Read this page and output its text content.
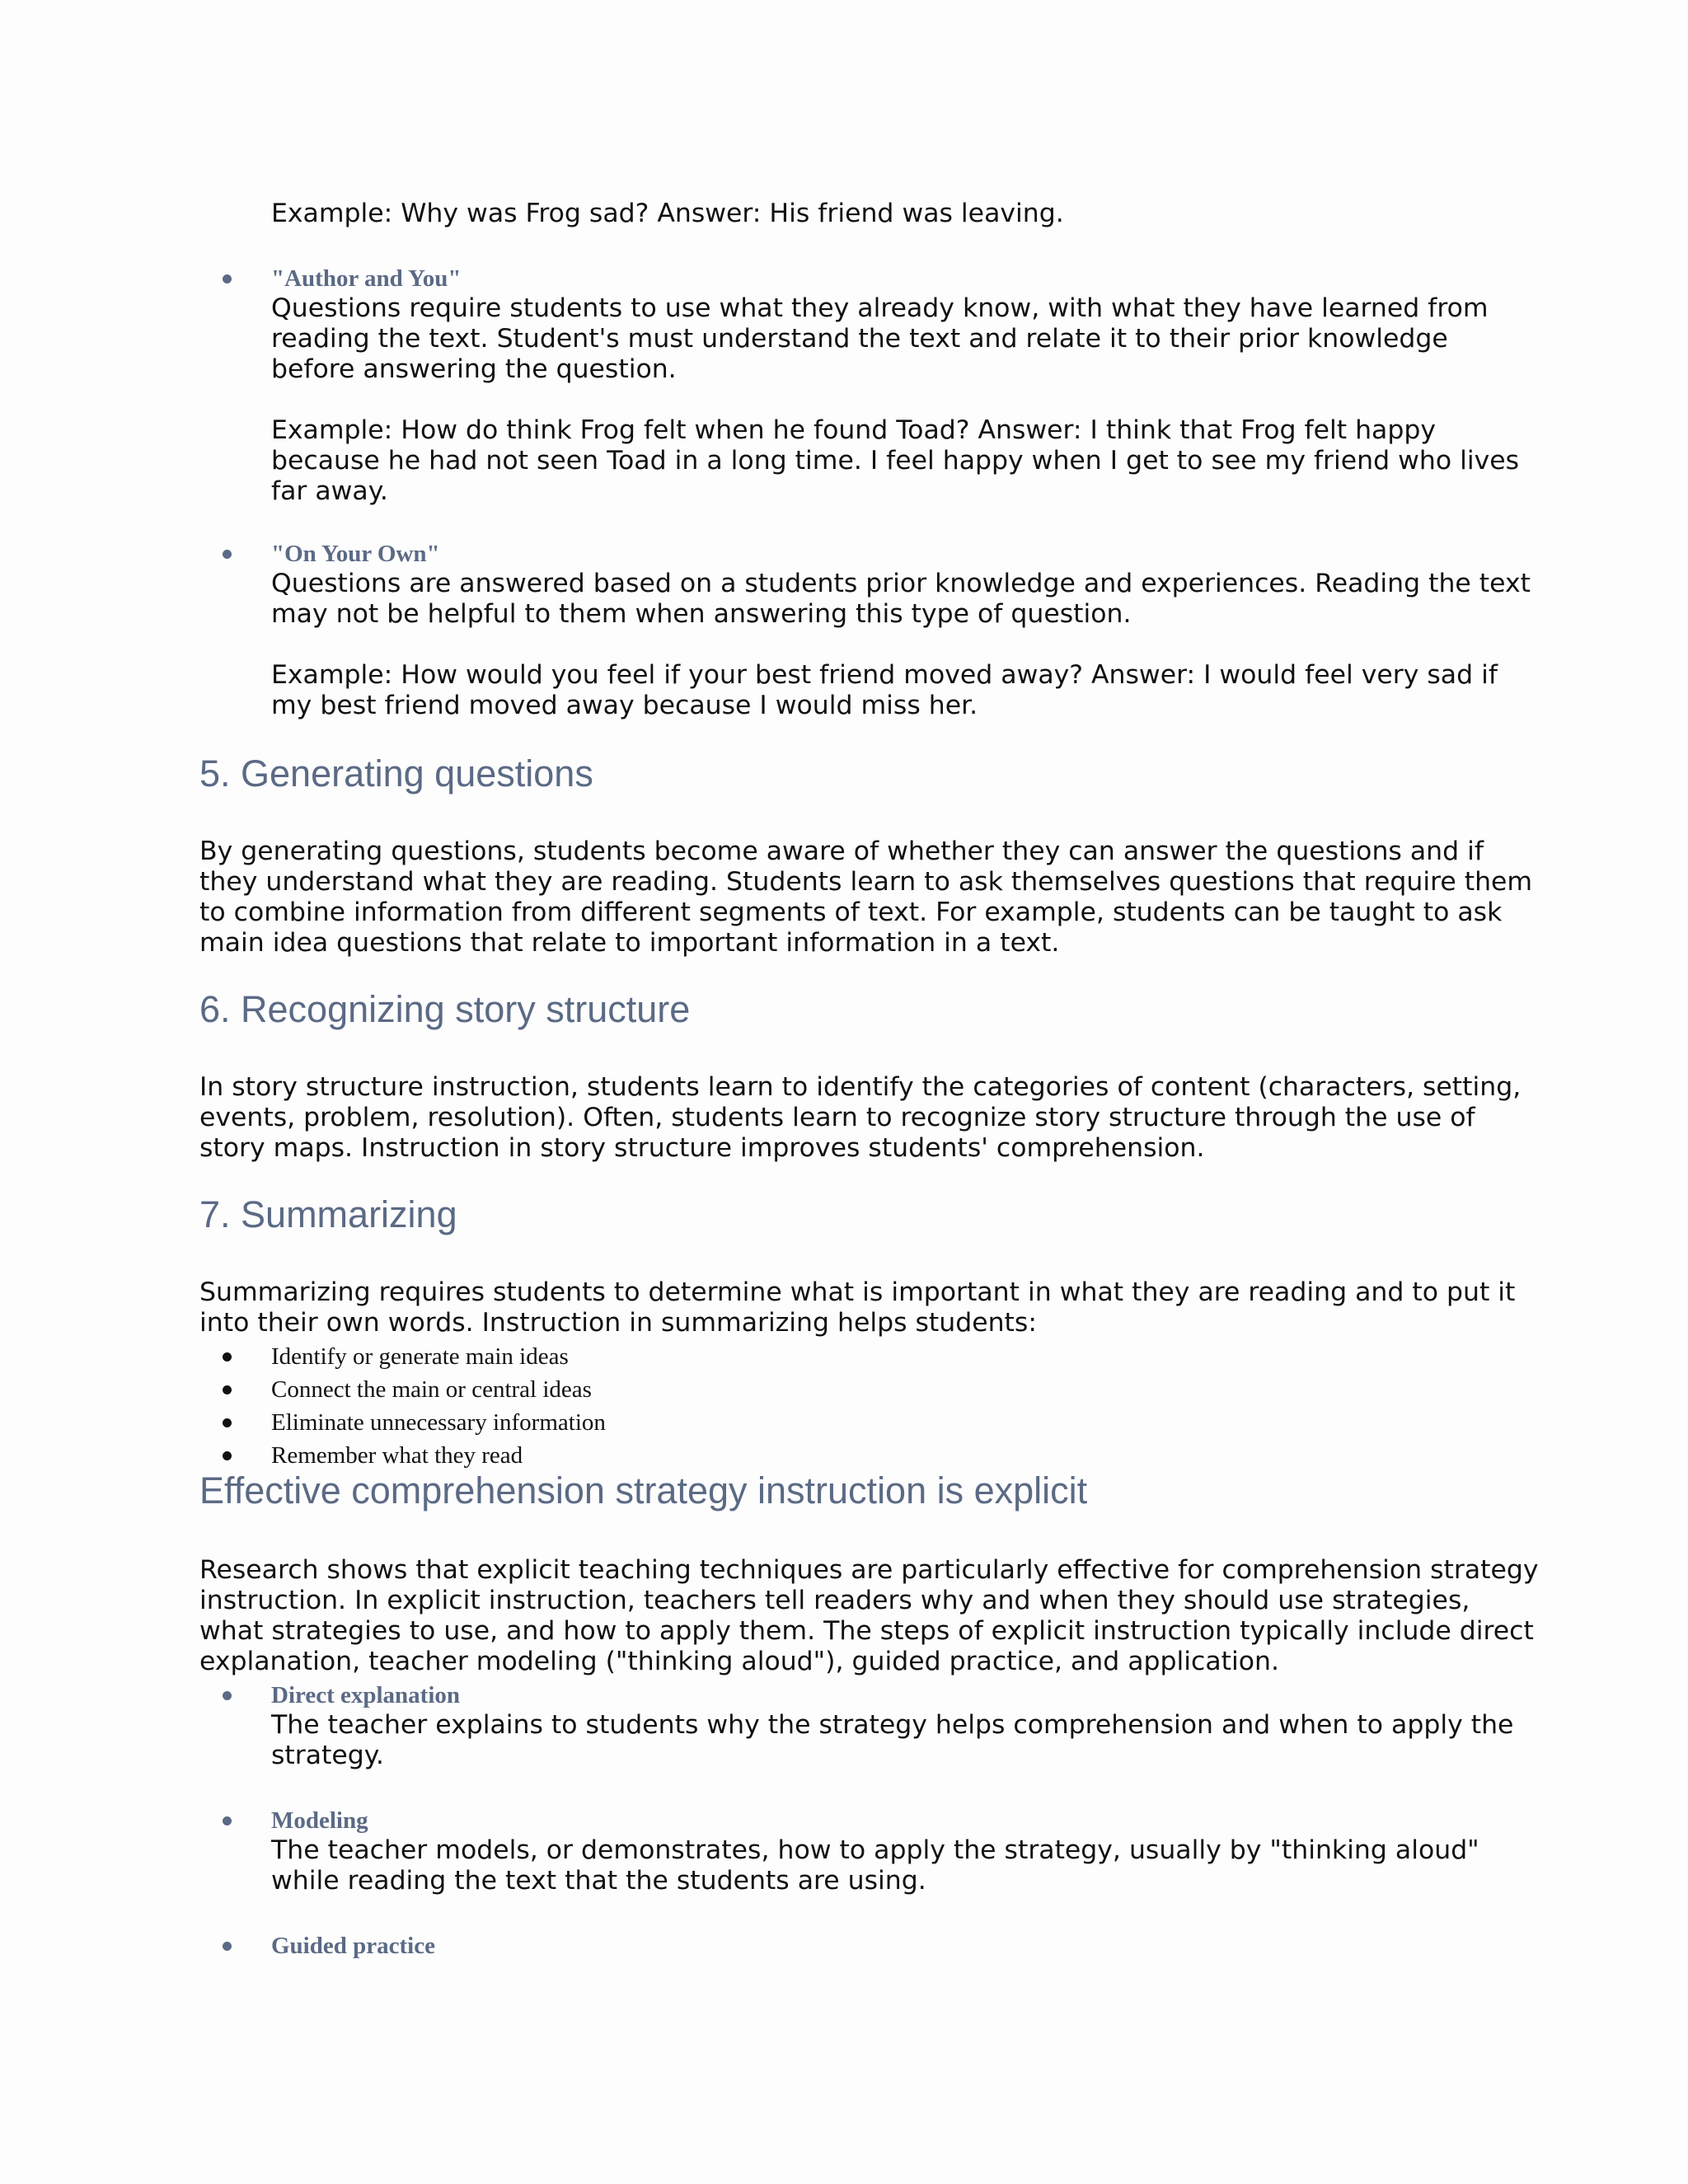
Example: Why was Frog sad? Answer: His friend was leaving.

"Author and You"

Questions require students to use what they already know, with what they have learned from

reading the text. Student's must understand the text and relate it to their prior knowledge

before answering the question.

Example: How do think Frog felt when he found Toad? Answer: I think that Frog felt happy

because he had not seen Toad in a long time. I feel happy when I get to see my friend who lives

far away.

"On Your Own"

Questions are answered based on a students prior knowledge and experiences. Reading the text

may not be helpful to them when answering this type of question.

Example: How would you feel if your best friend moved away? Answer: I would feel very sad if

my best friend moved away because I would miss her.

5. Generating questions

By generating questions, students become aware of whether they can answer the questions and if

they understand what they are reading. Students learn to ask themselves questions that require them

to combine information from different segments of text. For example, students can be taught to ask

main idea questions that relate to important information in a text.

6. Recognizing story structure

In story structure instruction, students learn to identify the categories of content (characters, setting,

events, problem, resolution). Often, students learn to recognize story structure through the use of

story maps. Instruction in story structure improves students' comprehension.

7. Summarizing

Summarizing requires students to determine what is important in what they are reading and to put it

into their own words. Instruction in summarizing helps students:

Identify or generate main ideas

Connect the main or central ideas

Eliminate unnecessary information

Remember what they read

Effective comprehension strategy instruction is explicit

Research shows that explicit teaching techniques are particularly effective for comprehension strategy

instruction. In explicit instruction, teachers tell readers why and when they should use strategies,

what strategies to use, and how to apply them. The steps of explicit instruction typically include direct

explanation, teacher modeling ("thinking aloud"), guided practice, and application.

Direct explanation

The teacher explains to students why the strategy helps comprehension and when to apply the

strategy.

Modeling

The teacher models, or demonstrates, how to apply the strategy, usually by "thinking aloud"

while reading the text that the students are using.

Guided practice
